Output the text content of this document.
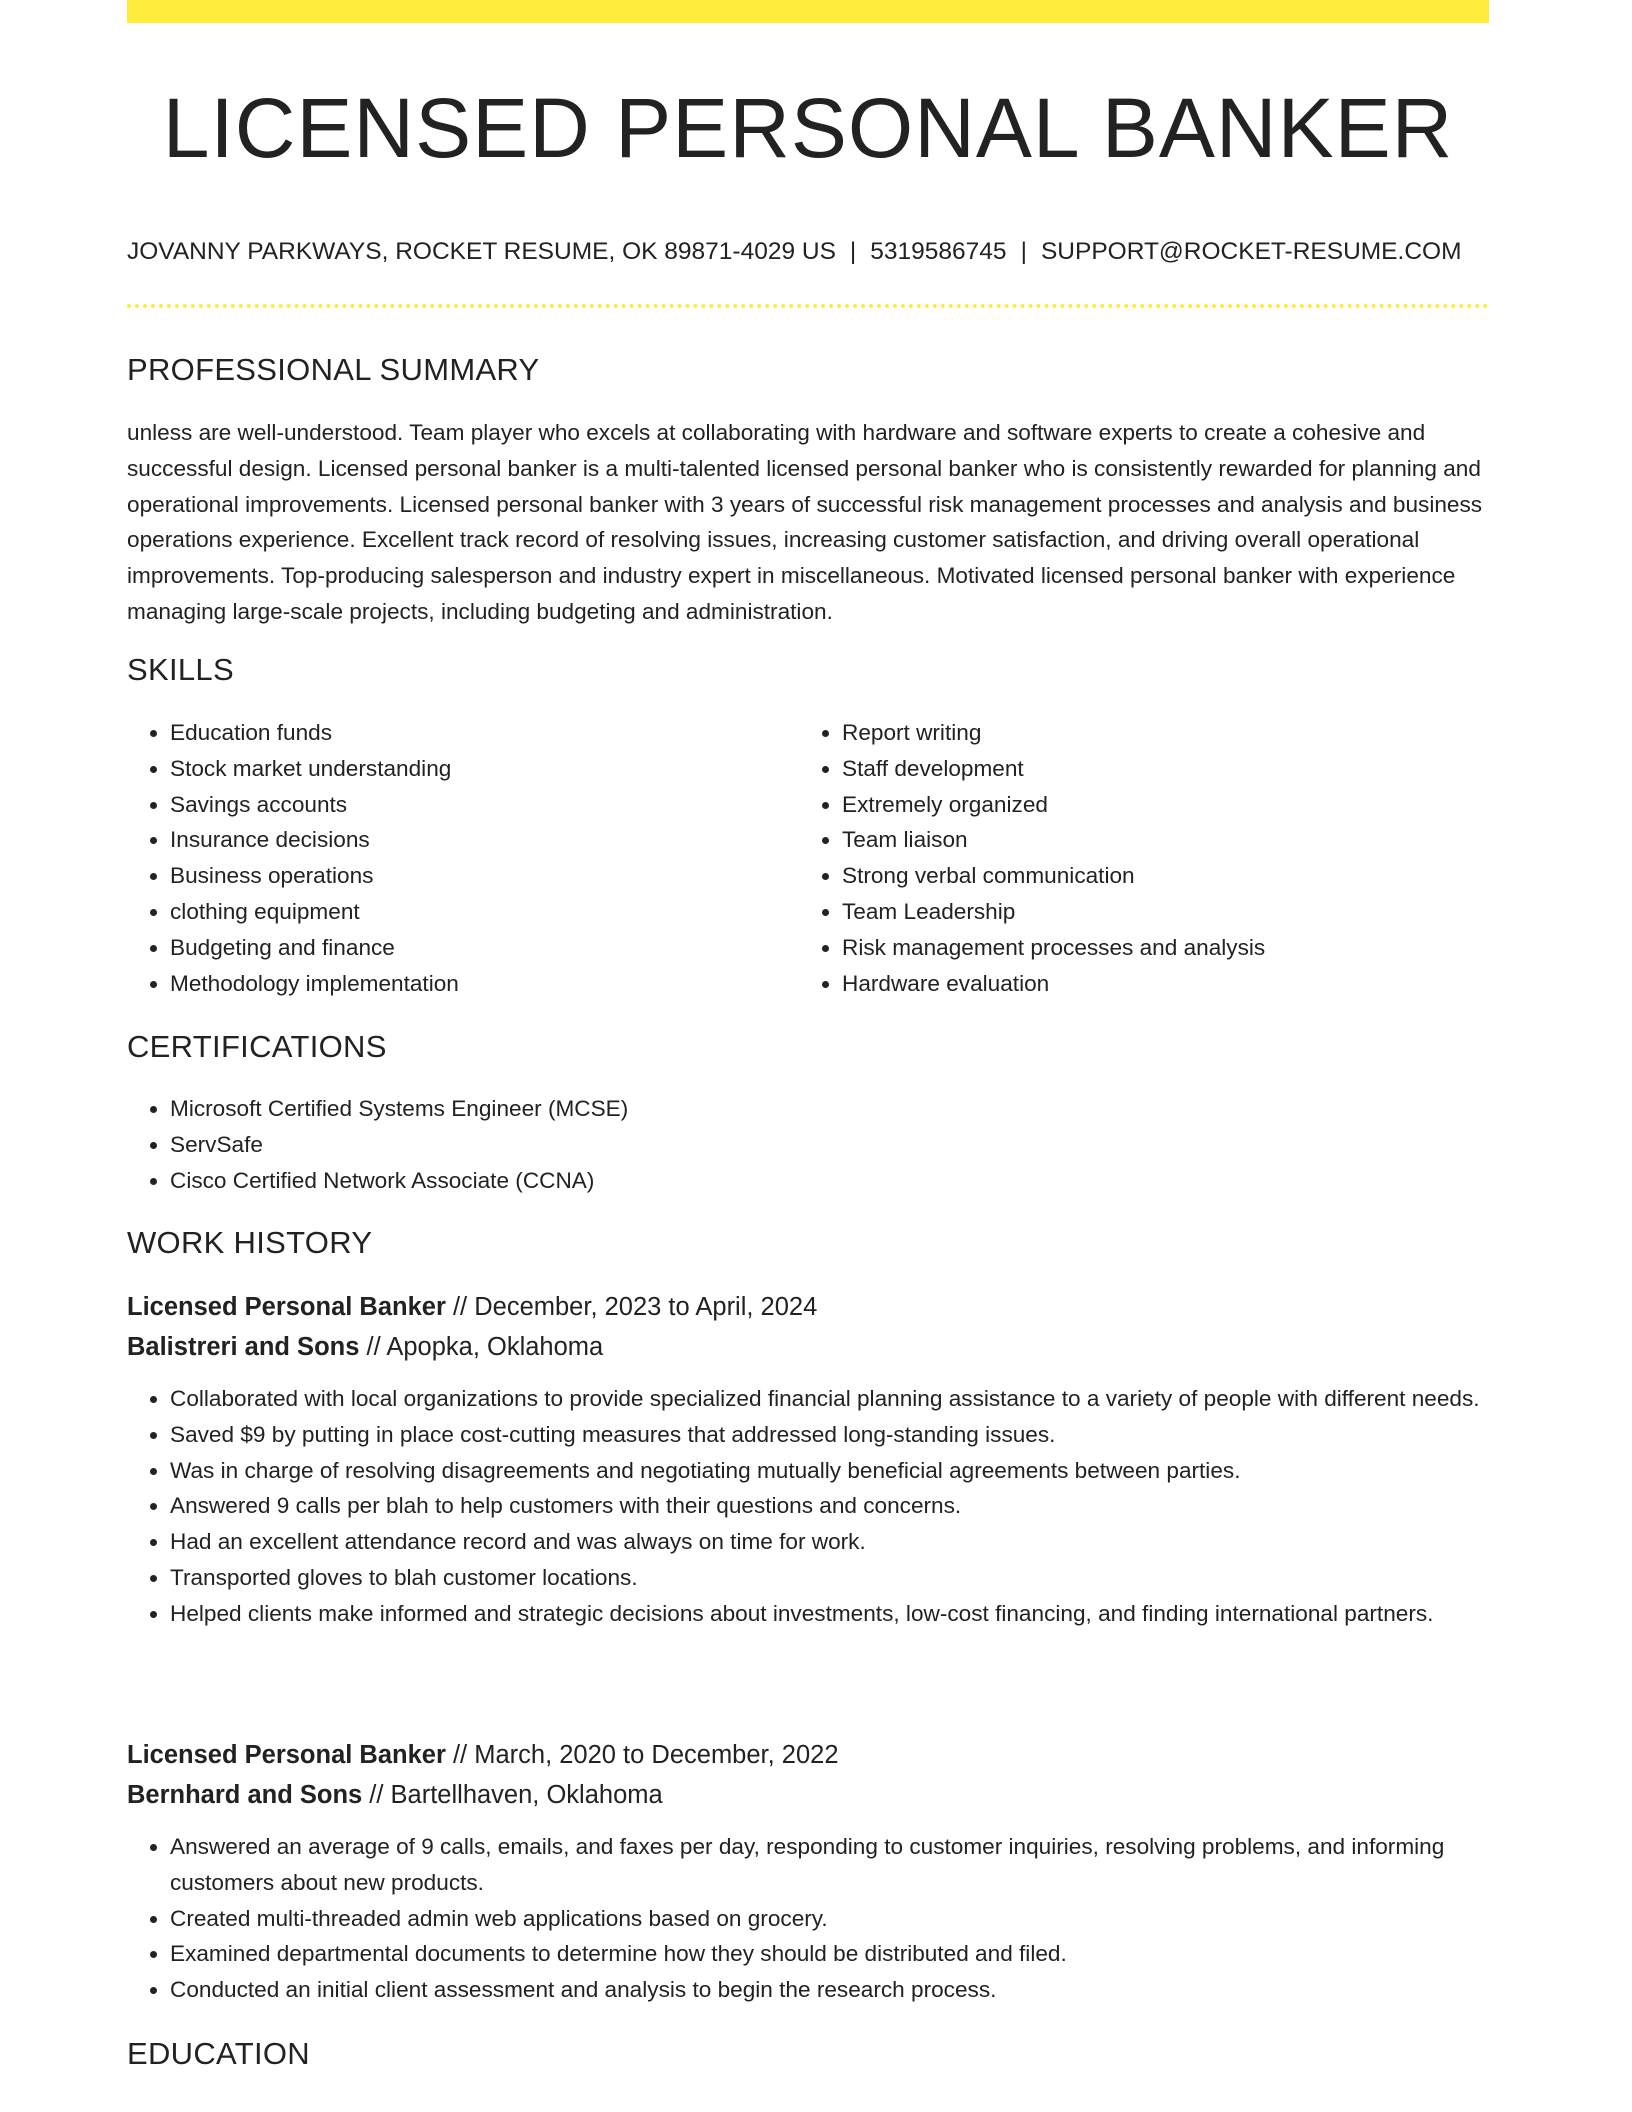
LICENSED PERSONAL BANKER
JOVANNY PARKWAYS, ROCKET RESUME, OK 89871-4029 US | 5319586745 | SUPPORT@ROCKET-RESUME.COM
PROFESSIONAL SUMMARY

unless are well-understood. Team player who excels at collaborating with hardware and software experts to create a cohesive and successful design. Licensed personal banker is a multi-talented licensed personal banker who is consistently rewarded for planning and operational improvements. Licensed personal banker with 3 years of successful risk management processes and analysis and business operations experience. Excellent track record of resolving issues, increasing customer satisfaction, and driving overall operational improvements. Top-producing salesperson and industry expert in miscellaneous. Motivated licensed personal banker with experience managing large-scale projects, including budgeting and administration.

SKILLS
• Education funds
• Stock market understanding
• Savings accounts
• Insurance decisions
• Business operations
• clothing equipment
• Budgeting and finance
• Methodology implementation
• Report writing
• Staff development
• Extremely organized
• Team liaison
• Strong verbal communication
• Team Leadership
• Risk management processes and analysis
• Hardware evaluation
CERTIFICATIONS
• Microsoft Certified Systems Engineer (MCSE)
• ServSafe
• Cisco Certified Network Associate (CCNA)
WORK HISTORY
Licensed Personal Banker // December, 2023 to April, 2024
Balistreri and Sons // Apopka, Oklahoma
• Collaborated with local organizations to provide specialized financial planning assistance to a variety of people with different needs.
• Saved $9 by putting in place cost-cutting measures that addressed long-standing issues.
• Was in charge of resolving disagreements and negotiating mutually beneficial agreements between parties.
• Answered 9 calls per blah to help customers with their questions and concerns.
• Had an excellent attendance record and was always on time for work.
• Transported gloves to blah customer locations.
• Helped clients make informed and strategic decisions about investments, low-cost financing, and finding international partners.
Licensed Personal Banker // March, 2020 to December, 2022
Bernhard and Sons // Bartellhaven, Oklahoma
• Answered an average of 9 calls, emails, and faxes per day, responding to customer inquiries, resolving problems, and informing customers about new products.
• Created multi-threaded admin web applications based on grocery.
• Examined departmental documents to determine how they should be distributed and filed.
• Conducted an initial client assessment and analysis to begin the research process.
EDUCATION
